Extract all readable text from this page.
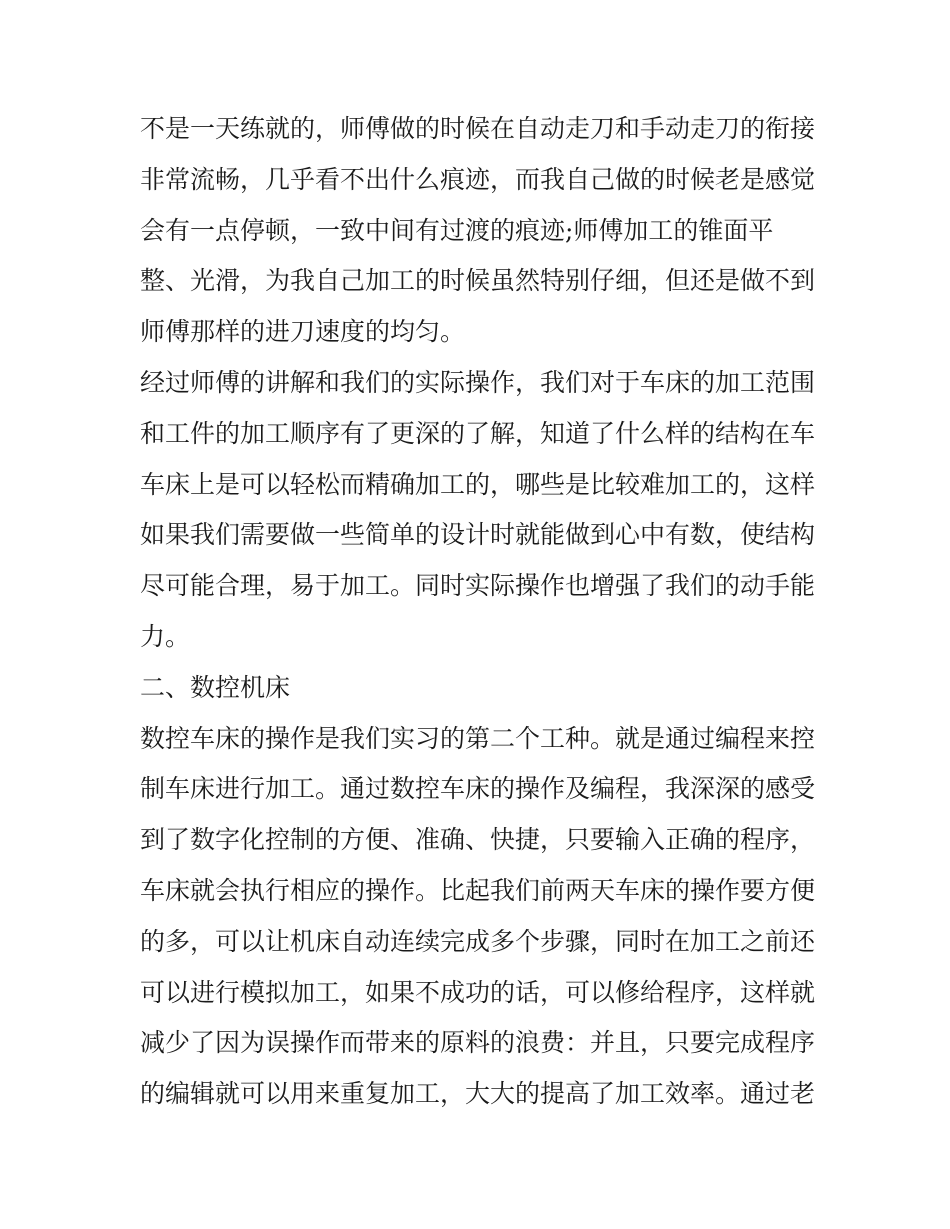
不是一天练就的，师傅做的时候在自动走刀和手动走刀的衔接
非常流畅，几乎看不出什么痕迹，而我自己做的时候老是感觉
会有一点停顿，一致中间有过渡的痕迹;师傅加工的锥面平
整、光滑，为我自己加工的时候虽然特别仔细，但还是做不到
师傅那样的进刀速度的均匀。
经过师傅的讲解和我们的实际操作，我们对于车床的加工范围
和工件的加工顺序有了更深的了解，知道了什么样的结构在车
车床上是可以轻松而精确加工的，哪些是比较难加工的，这样
如果我们需要做一些简单的设计时就能做到心中有数，使结构
尽可能合理，易于加工。同时实际操作也增强了我们的动手能
力。
二、数控机床
数控车床的操作是我们实习的第二个工种。就是通过编程来控
制车床进行加工。通过数控车床的操作及编程，我深深的感受
到了数字化控制的方便、准确、快捷，只要输入正确的程序，
车床就会执行相应的操作。比起我们前两天车床的操作要方便
的多，可以让机床自动连续完成多个步骤，同时在加工之前还
可以进行模拟加工，如果不成功的话，可以修给程序，这样就
减少了因为误操作而带来的原料的浪费：并且，只要完成程序
的编辑就可以用来重复加工，大大的提高了加工效率。通过老
